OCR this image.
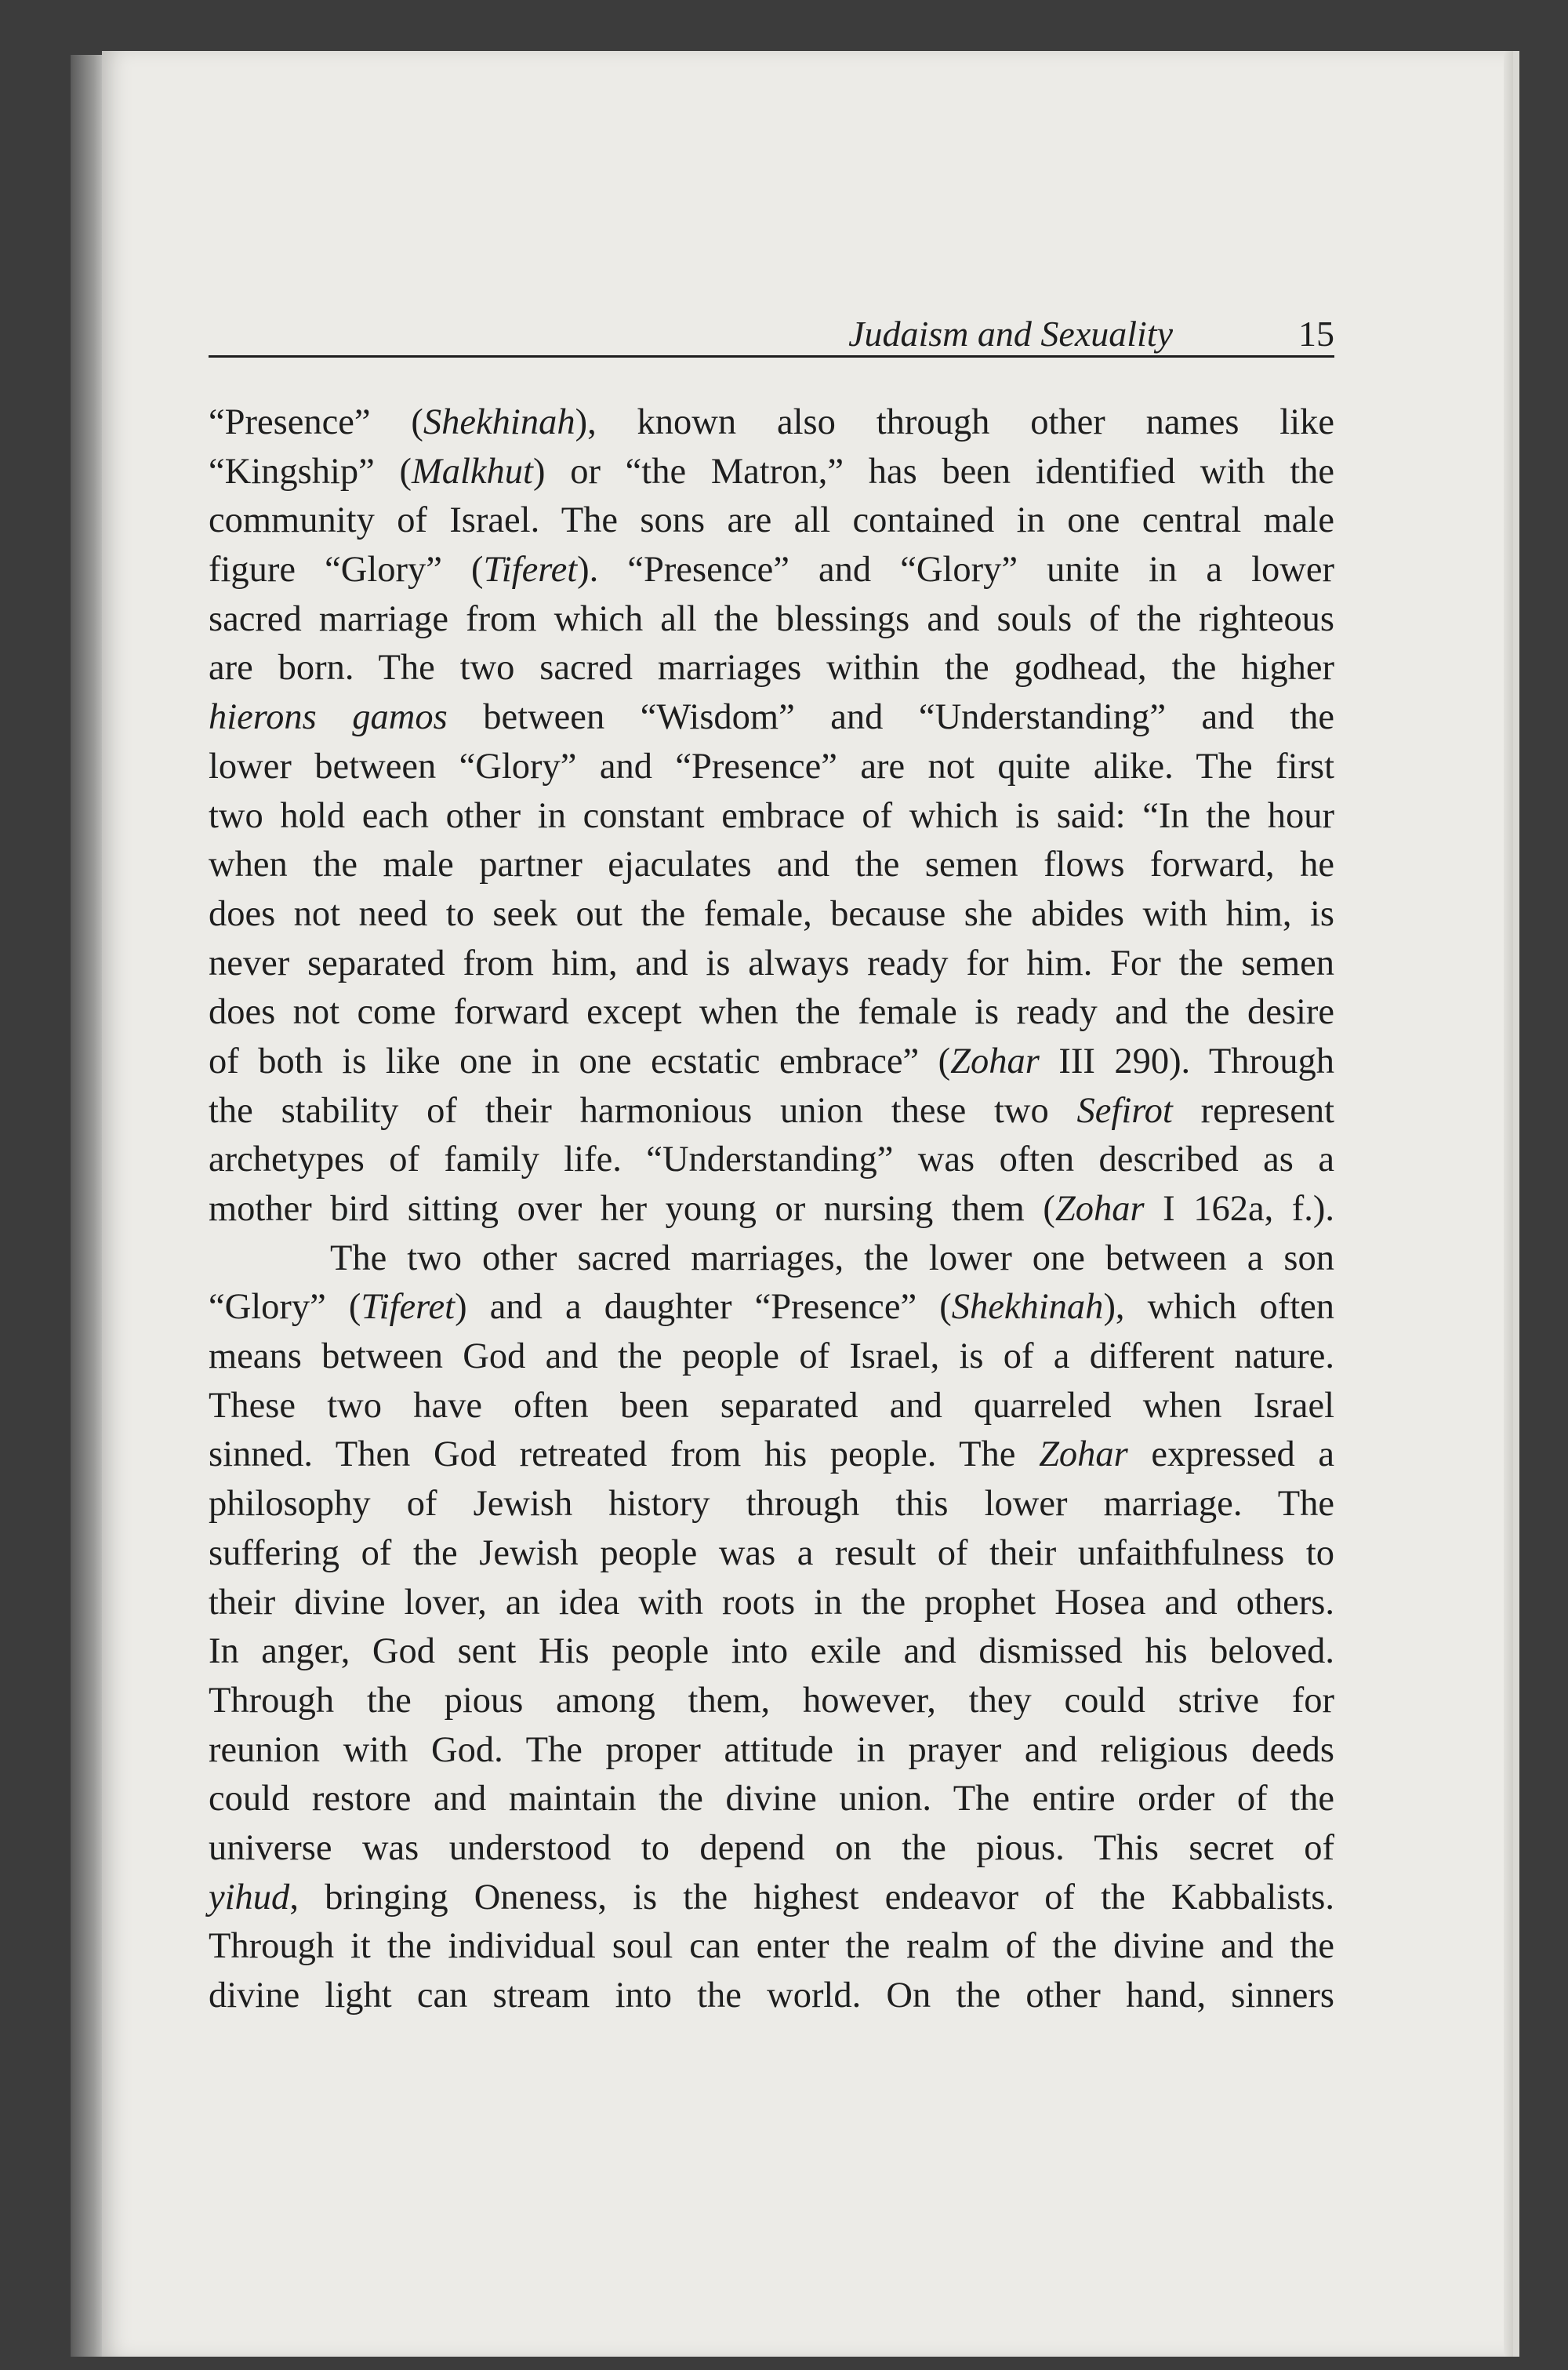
Judaism and Sexuality	15
“Presence” (Shekhinah), known also through other names like
“Kingship” (Malkhut) or “the Matron,” has been identified with the
community of Israel. The sons are all contained in one central male
figure “Glory” (Tiferet). “Presence” and “Glory” unite in a lower
sacred marriage from which all the blessings and souls of the righteous
are born. The two sacred marriages within the godhead, the higher
hierons gamos between “Wisdom” and “Understanding” and the
lower between “Glory” and “Presence” are not quite alike. The first
two hold each other in constant embrace of which is said: “In the hour
when the male partner ejaculates and the semen flows forward, he
does not need to seek out the female, because she abides with him, is
never separated from him, and is always ready for him. For the semen
does not come forward except when the female is ready and the desire
of both is like one in one ecstatic embrace” (Zohar III 290). Through
the stability of their harmonious union these two Sefirot represent
archetypes of family life. “Understanding” was often described as a
mother bird sitting over her young or nursing them (Zohar I 162a, f.).
The two other sacred marriages, the lower one between a son
“Glory” (Tiferet) and a daughter “Presence” (Shekhinah), which often
means between God and the people of Israel, is of a different nature.
These two have often been separated and quarreled when Israel
sinned. Then God retreated from his people. The Zohar expressed a
philosophy of Jewish history through this lower marriage. The
suffering of the Jewish people was a result of their unfaithfulness to
their divine lover, an idea with roots in the prophet Hosea and others.
In anger, God sent His people into exile and dismissed his beloved.
Through the pious among them, however, they could strive for
reunion with God. The proper attitude in prayer and religious deeds
could restore and maintain the divine union. The entire order of the
universe was understood to depend on the pious. This secret of
yihud, bringing Oneness, is the highest endeavor of the Kabbalists.
Through it the individual soul can enter the realm of the divine and the
divine light can stream into the world. On the other hand, sinners
